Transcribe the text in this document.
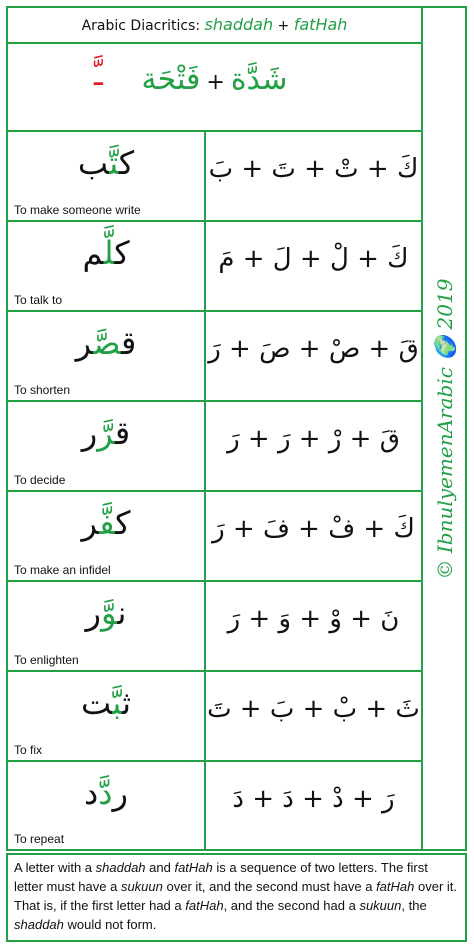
Arabic Diacritics: shaddah + fatHah
ـَّ	شَدَّة+فَتْحَة
كتَّب
To make someone write
كَ + تْ + تَ + بَ
كلَّم
To talk to
كَ + لْ + لَ + مَ
قصَّر
To shorten
قَ + صْ + صَ + رَ
قرَّر
To decide
قَ + رْ + رَ + رَ
كفَّر
To make an infidel
كَ + فْ + فَ + رَ
نوَّر
To enlighten
نَ + وْ + وَ + رَ
ثبَّت
To fix
ثَ + بْ + بَ + تَ
ردَّد
To repeat
رَ + دْ + دَ + دَ
© IbnulyemenArabic 🌍 2019
A letter with a shaddah and fatHah is a sequence of two letters. The first letter must have a sukuun over it, and the second must have a fatHah over it. That is, if the first letter had a fatHah, and the second had a sukuun, the shaddah would not form.
